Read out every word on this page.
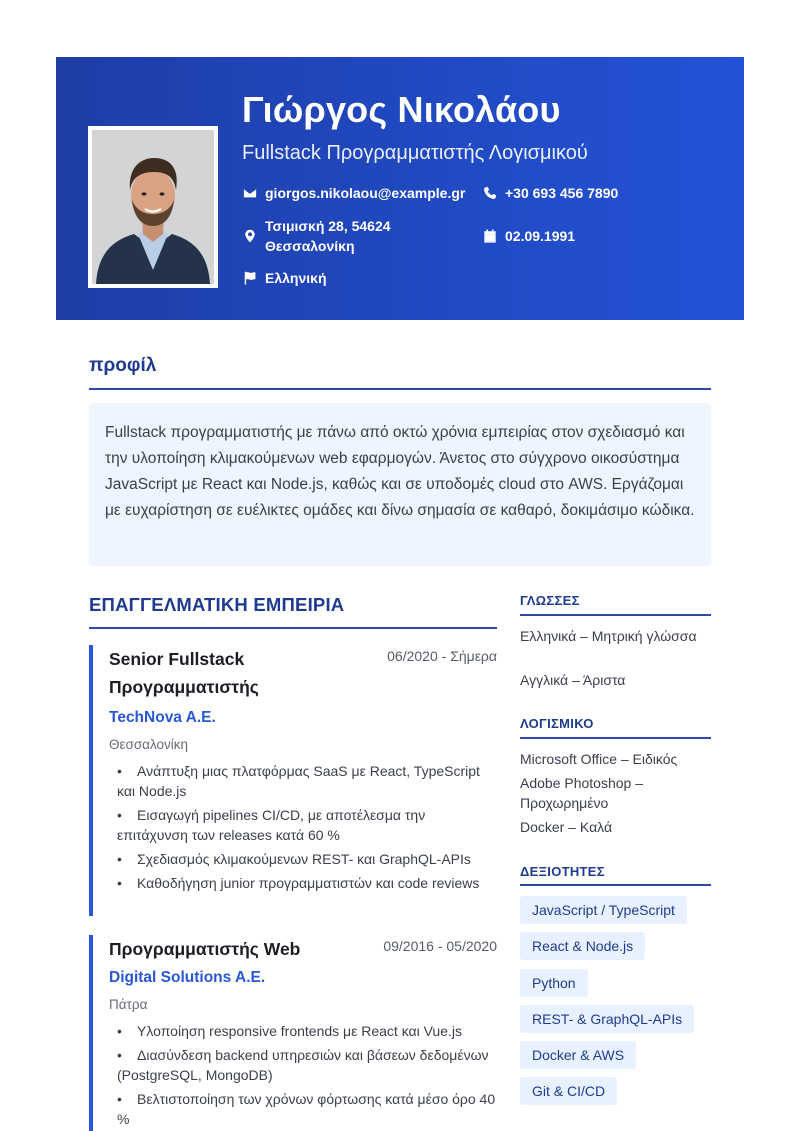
Γιώργος Νικολάου
Fullstack Προγραμματιστής Λογισμικού
giorgos.nikolaou@example.gr	+30 693 456 7890
Τσιμισκή 28, 54624
Θεσσαλονίκη
02.09.1991
Ελληνική
προφίλ

Fullstack προγραμματιστής με πάνω από οκτώ χρόνια εμπειρίας στον σχεδιασμό και την υλοποίηση κλιμακούμενων web εφαρμογών. Άνετος στο σύγχρονο οικοσύστημα JavaScript με React και Node.js, καθώς και σε υποδομές cloud στο AWS. Εργάζομαι με ευχαρίστηση σε ευέλικτες ομάδες και δίνω σημασία σε καθαρό, δοκιμάσιμο κώδικα.

ΕΠΑΓΓΕΛΜΑΤΙΚΗ ΕΜΠΕΙΡΙΑ
Senior Fullstack
Προγραμματιστής
06/2020 - Σήμερα
TechNova A.E.
Θεσσαλονίκη
•	Ανάπτυξη μιας πλατφόρμας SaaS με React, TypeScript και Node.js
•	Εισαγωγή pipelines CI/CD, με αποτέλεσμα την επιτάχυνση των releases κατά 60 %
•	Σχεδιασμός κλιμακούμενων REST- και GraphQL-APIs
•	Καθοδήγηση junior προγραμματιστών και code reviews
Προγραμματιστής Web	09/2016 - 05/2020
Digital Solutions A.E.
Πάτρα
•	Υλοποίηση responsive frontends με React και Vue.js
•	Διασύνδεση backend υπηρεσιών και βάσεων δεδομένων (PostgreSQL, MongoDB)
•	Βελτιστοποίηση των χρόνων φόρτωσης κατά μέσο όρο 40 %
ΓΛΩΣΣΕΣ
Ελληνικά – Μητρική γλώσσα
Αγγλικά – Άριστα
ΛΟΓΙΣΜΙΚΟ
Microsoft Office – Ειδικός
Adobe Photoshop – Προχωρημένο
Docker – Καλά
ΔΕΞΙΟΤΗΤΕΣ
JavaScript / TypeScript
React & Node.js
Python
REST- & GraphQL-APIs
Docker & AWS
Git & CI/CD
